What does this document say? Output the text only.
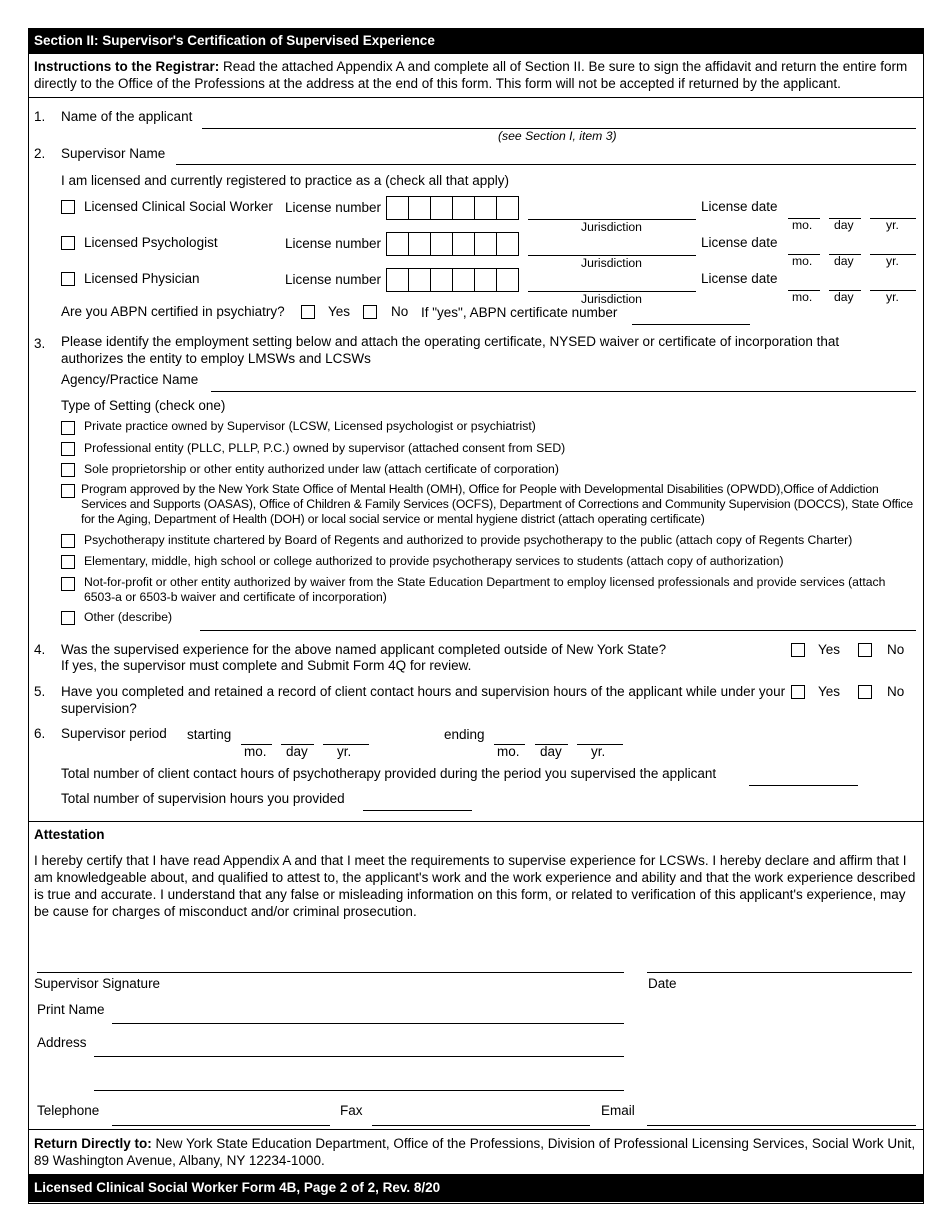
Section II: Supervisor's Certification of Supervised Experience
Instructions to the Registrar: Read the attached Appendix A and complete all of Section II. Be sure to sign the affidavit and return the entire form directly to the Office of the Professions at the address at the end of this form. This form will not be accepted if returned by the applicant.
1. Name of the applicant
(see Section I, item 3)
2. Supervisor Name
I am licensed and currently registered to practice as a (check all that apply)
Licensed Clinical Social Worker License number
Jurisdiction
License date
mo. day	yr.
Licensed Psychologist	License number
Jurisdiction
License date
mo. day	yr.
Licensed Physician	License number
Jurisdiction
License date
mo. day	yr.
Are you ABPN certified in psychiatry?	Yes	No If "yes", ABPN certificate number
3. Please identify the employment setting below and attach the operating certificate, NYSED waiver or certificate of incorporation that authorizes the entity to employ LMSWs and LCSWs
Agency/Practice Name
Type of Setting (check one)
Private practice owned by Supervisor (LCSW, Licensed psychologist or psychiatrist)
Professional entity (PLLC, PLLP, P.C.) owned by supervisor (attached consent from SED)
Sole proprietorship or other entity authorized under law (attach certificate of corporation)
Program approved by the New York State Office of Mental Health (OMH), Office for People with Developmental Disabilities (OPWDD),Office of Addiction Services and Supports (OASAS), Office of Children & Family Services (OCFS), Department of Corrections and Community Supervision (DOCCS), State Office for the Aging, Department of Health (DOH) or local social service or mental hygiene district (attach operating certificate)
Psychotherapy institute chartered by Board of Regents and authorized to provide psychotherapy to the public (attach copy of Regents Charter)
Elementary, middle, high school or college authorized to provide psychotherapy services to students (attach copy of authorization)
Not-for-profit or other entity authorized by waiver from the State Education Department to employ licensed professionals and provide services (attach 6503-a or 6503-b waiver and certificate of incorporation)
Other (describe)
4. Was the supervised experience for the above named applicant completed outside of New York State?
If yes, the supervisor must complete and Submit Form 4Q for review.
Yes	No
5. Have you completed and retained a record of client contact hours and supervision hours of the applicant while under your supervision?
Yes	No
6. Supervisor period starting
mo. day yr.
ending
mo. day yr.
Total number of client contact hours of psychotherapy provided during the period you supervised the applicant
Total number of supervision hours you provided
Attestation
I hereby certify that I have read Appendix A and that I meet the requirements to supervise experience for LCSWs. I hereby declare and affirm that I am knowledgeable about, and qualified to attest to, the applicant's work and the work experience and ability and that the work experience described is true and accurate. I understand that any false or misleading information on this form, or related to verification of this applicant's experience, may be cause for charges of misconduct and/or criminal prosecution.
Supervisor Signature	Date
Print Name
Address
Telephone	Fax	Email
Return Directly to: New York State Education Department, Office of the Professions, Division of Professional Licensing Services, Social Work Unit, 89 Washington Avenue, Albany, NY 12234-1000.
Licensed Clinical Social Worker Form 4B, Page 2 of 2, Rev. 8/20
